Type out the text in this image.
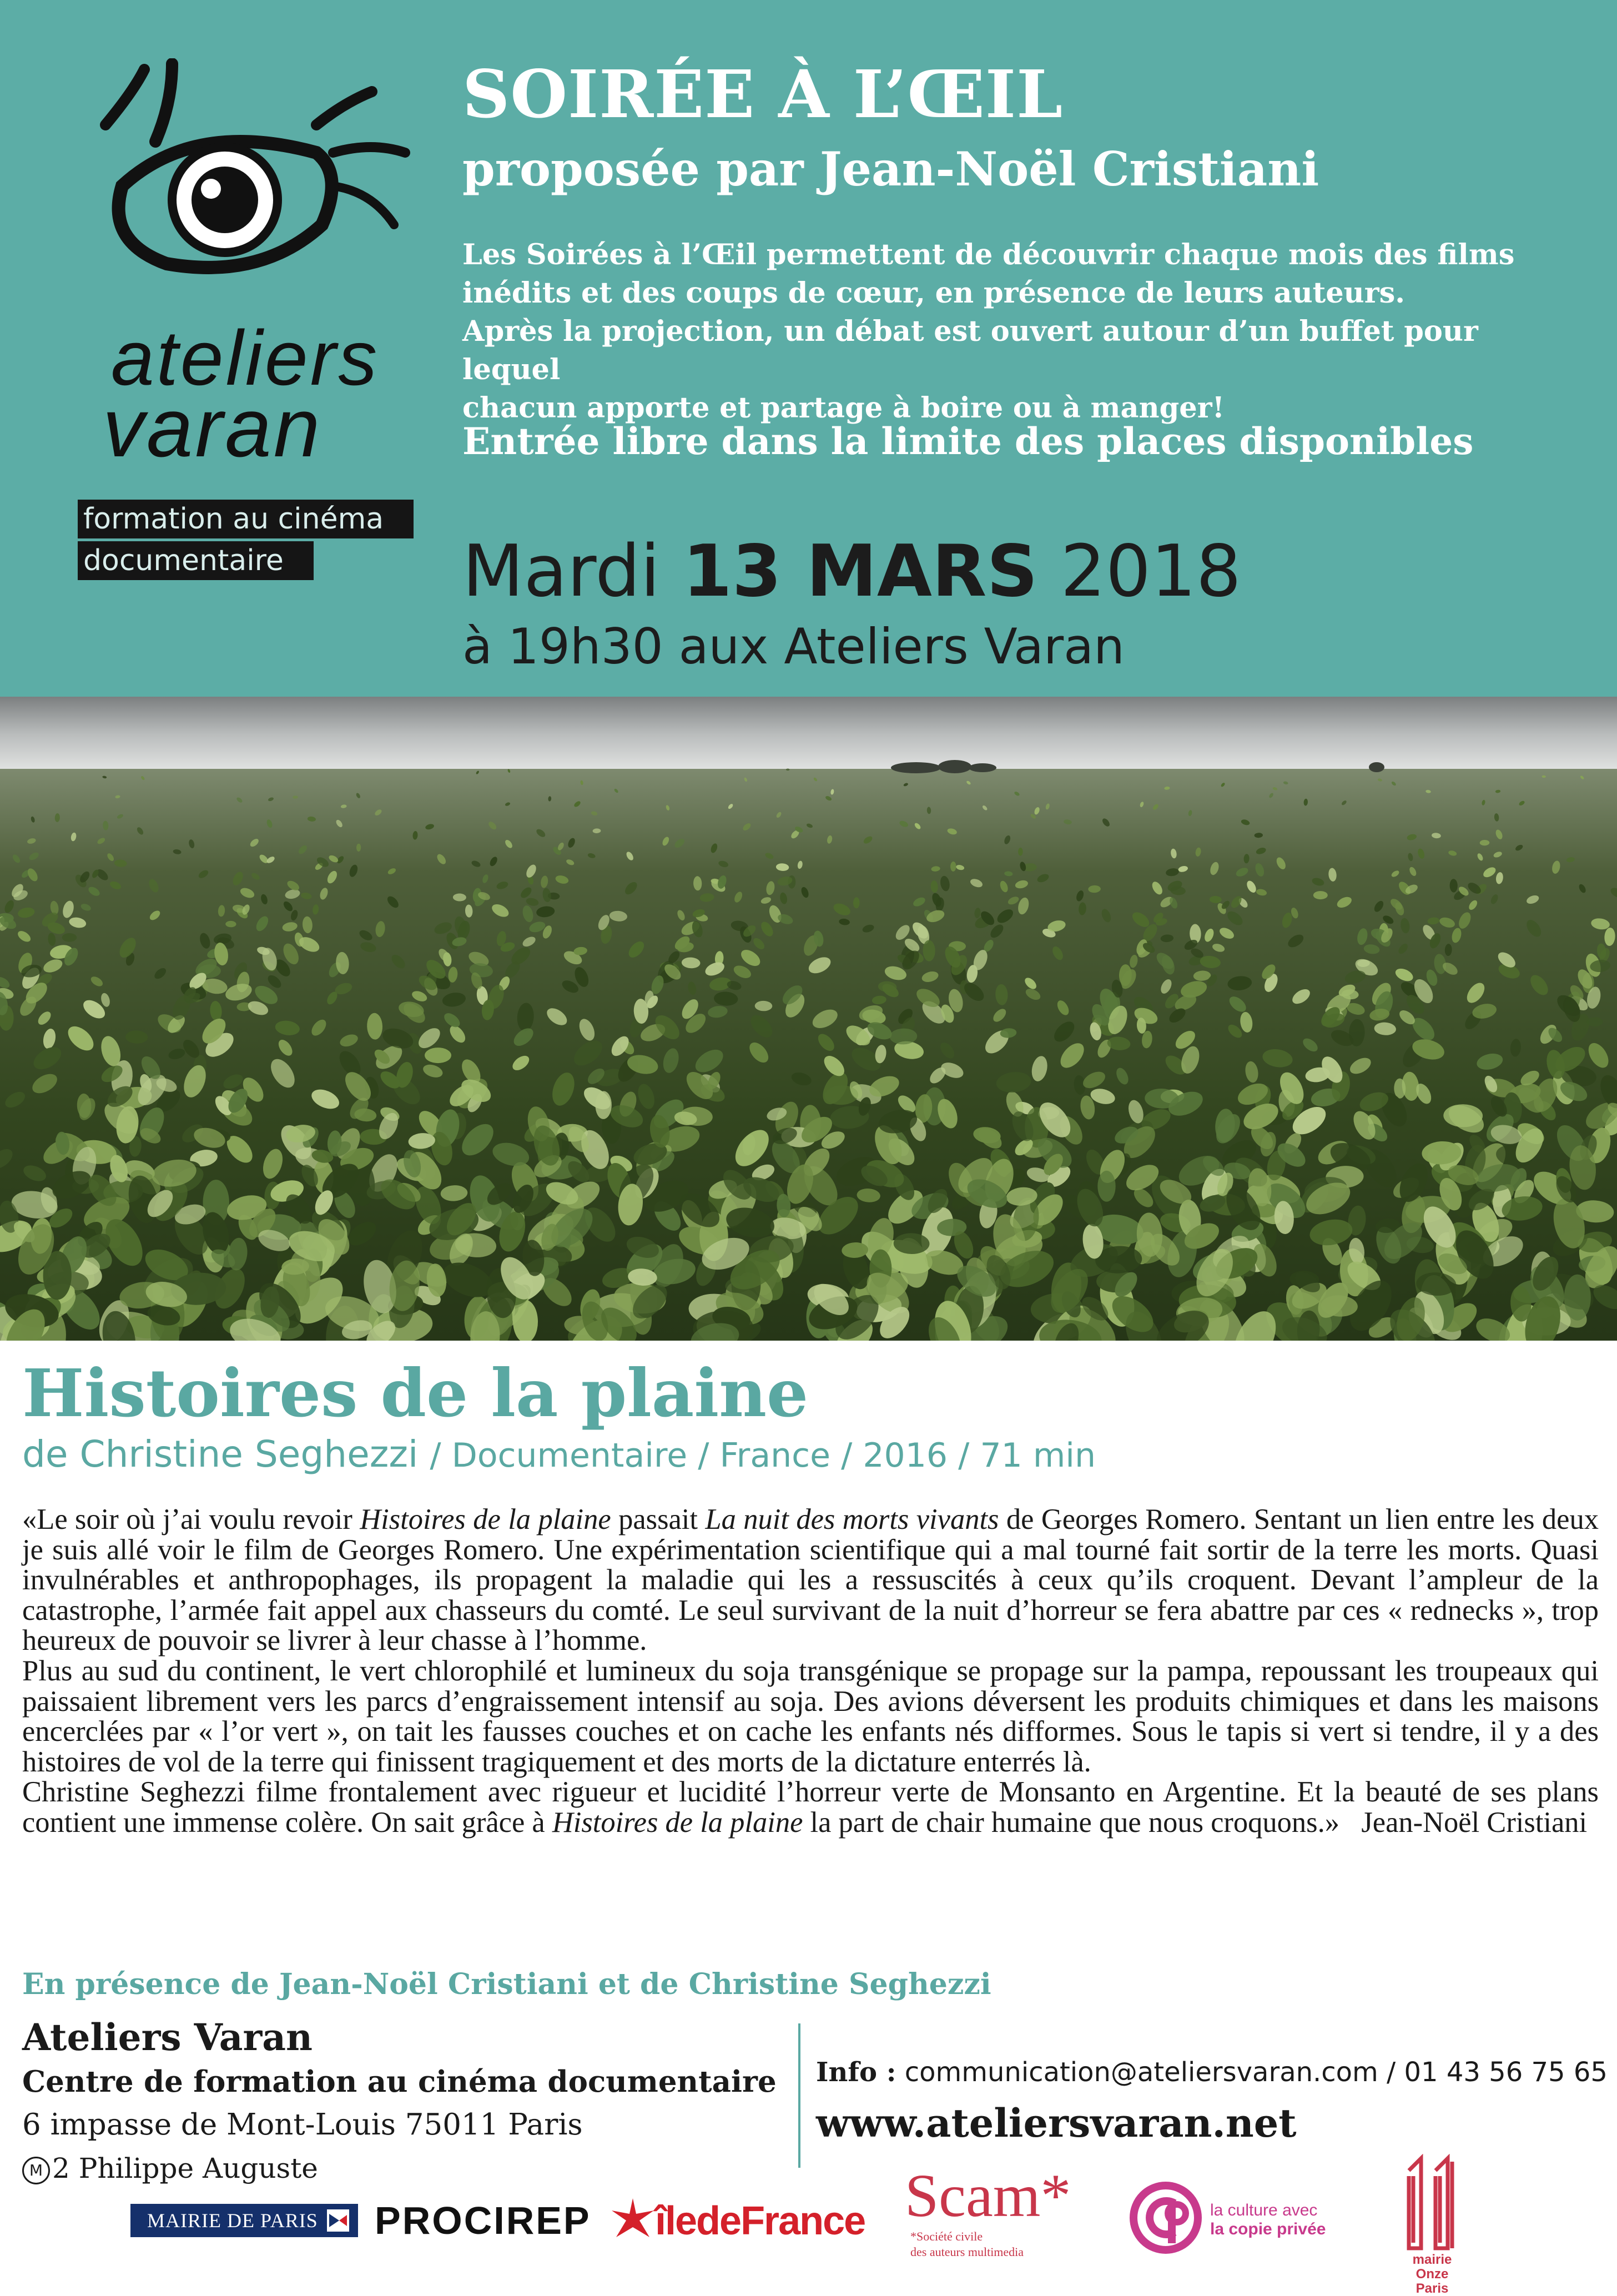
ateliers
varan
formation au cinéma
documentaire
SOIRÉE À L’ŒIL
proposée par Jean-Noël Cristiani
Les Soirées à l’Œil permettent de découvrir chaque mois des films
inédits et des coups de cœur, en présence de leurs auteurs.
Après la projection, un débat est ouvert autour d’un buffet pour lequel
chacun apporte et partage à boire ou à manger!
Entrée libre dans la limite des places disponibles
Mardi 13 MARS 2018
à 19h30 aux Ateliers Varan
Histoires de la plaine
de Christine Seghezzi / Documentaire / France / 2016 / 71 min

«Le soir où j’ai voulu revoir Histoires de la plaine passait La nuit des morts vivants de Georges Romero. Sentant un lien entre les deux je suis allé voir le film de Georges Romero. Une expérimentation scientifique qui a mal tourné fait sortir de la terre les morts. Quasi invulnérables et anthropophages, ils propagent la maladie qui les a ressuscités à ceux qu’ils croquent. Devant l’ampleur de la catastrophe, l’armée fait appel aux chasseurs du comté. Le seul survivant de la nuit d’horreur se fera abattre par ces « rednecks », trop heureux de pouvoir se livrer à leur chasse à l’homme.

Plus au sud du continent, le vert chlorophilé et lumineux du soja transgénique se propage sur la pampa, repoussant les troupeaux qui paissaient librement vers les parcs d’engraissement intensif au soja. Des avions déversent les produits chimiques et dans les maisons encerclées par « l’or vert », on tait les fausses couches et on cache les enfants nés difformes. Sous le tapis si vert si tendre, il y a des histoires de vol de la terre qui finissent tragiquement et des morts de la dictature enterrés là.

Christine Seghezzi filme frontalement avec rigueur et lucidité l’horreur verte de Monsanto en Argentine. Et la beauté de ses plans contient une immense colère. On sait grâce à Histoires de la plaine la part de chair humaine que nous croquons.» Jean-Noël Cristiani

En présence de Jean-Noël Cristiani et de Christine Seghezzi
Ateliers Varan
Centre de formation au cinéma documentaire
6 impasse de Mont-Louis 75011 Paris
M 2 Philippe Auguste
Info : communication@ateliersvaran.com / 01 43 56 75 65
www.ateliersvaran.net
MAIRIE DE PARIS	PROCIREP îledeFrance Scam*
*Société civile
des auteurs multimedia
la culture avec
la copie privée
mairie Onze
Paris
